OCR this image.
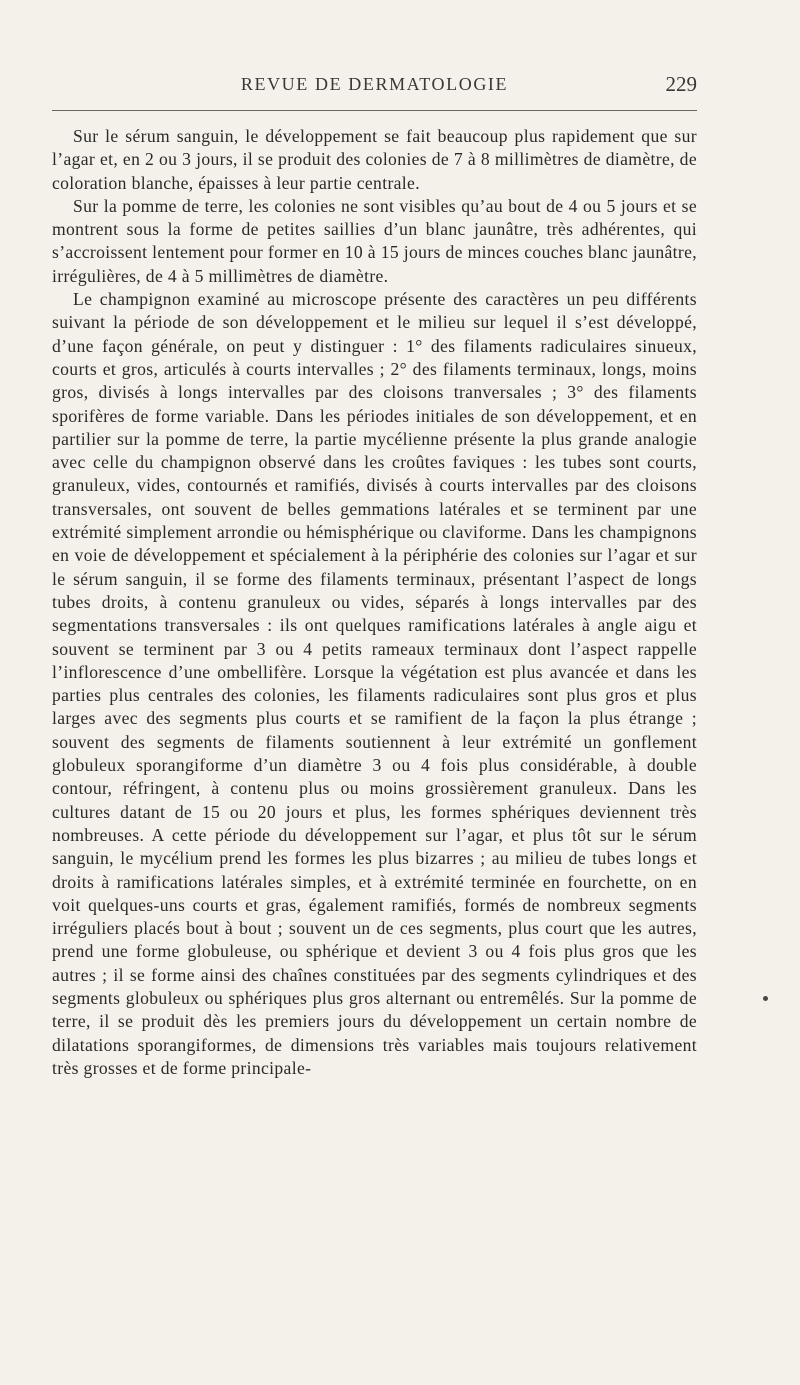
REVUE DE DERMATOLOGIE	229

Sur le sérum sanguin, le développement se fait beaucoup plus rapidement que sur l’agar et, en 2 ou 3 jours, il se produit des colonies de 7 à 8 millimètres de diamètre, de coloration blanche, épaisses à leur partie centrale.

Sur la pomme de terre, les colonies ne sont visibles qu’au bout de 4 ou 5 jours et se montrent sous la forme de petites saillies d’un blanc jaunâtre, très adhérentes, qui s’accroissent lentement pour former en 10 à 15 jours de minces couches blanc jaunâtre, irrégulières, de 4 à 5 millimètres de diamètre.

Le champignon examiné au microscope présente des caractères un peu différents suivant la période de son développement et le milieu sur lequel il s’est développé, d’une façon générale, on peut y distinguer : 1° des filaments radiculaires sinueux, courts et gros, articulés à courts intervalles ; 2° des filaments terminaux, longs, moins gros, divisés à longs intervalles par des cloisons tranversales ; 3° des filaments sporifères de forme variable. Dans les périodes initiales de son développement, et en partilier sur la pomme de terre, la partie mycélienne présente la plus grande analogie avec celle du champignon observé dans les croûtes faviques : les tubes sont courts, granuleux, vides, contournés et ramifiés, divisés à courts intervalles par des cloisons transversales, ont souvent de belles gemmations latérales et se terminent par une extrémité simplement arrondie ou hémisphérique ou claviforme. Dans les champignons en voie de développement et spécialement à la périphérie des colonies sur l’agar et sur le sérum sanguin, il se forme des filaments terminaux, présentant l’aspect de longs tubes droits, à contenu granuleux ou vides, séparés à longs intervalles par des segmentations transversales : ils ont quelques ramifications latérales à angle aigu et souvent se terminent par 3 ou 4 petits rameaux terminaux dont l’aspect rappelle l’inflorescence d’une ombellifère. Lorsque la végétation est plus avancée et dans les parties plus centrales des colonies, les filaments radiculaires sont plus gros et plus larges avec des segments plus courts et se ramifient de la façon la plus étrange ; souvent des segments de filaments soutiennent à leur extrémité un gonflement globuleux sporangiforme d’un diamètre 3 ou 4 fois plus considérable, à double contour, réfringent, à contenu plus ou moins grossièrement granuleux. Dans les cultures datant de 15 ou 20 jours et plus, les formes sphériques deviennent très nombreuses. A cette période du développement sur l’agar, et plus tôt sur le sérum sanguin, le mycélium prend les formes les plus bizarres ; au milieu de tubes longs et droits à ramifications latérales simples, et à extrémité terminée en fourchette, on en voit quelques-uns courts et gras, également ramifiés, formés de nombreux segments irréguliers placés bout à bout ; souvent un de ces segments, plus court que les autres, prend une forme globuleuse, ou sphérique et devient 3 ou 4 fois plus gros que les autres ; il se forme ainsi des chaînes constituées par des segments cylindriques et des segments globuleux ou sphériques plus gros alternant ou entremêlés. Sur la pomme de terre, il se produit dès les premiers jours du développement un certain nombre de dilatations sporangiformes, de dimensions très variables mais toujours relativement très grosses et de forme principale-
